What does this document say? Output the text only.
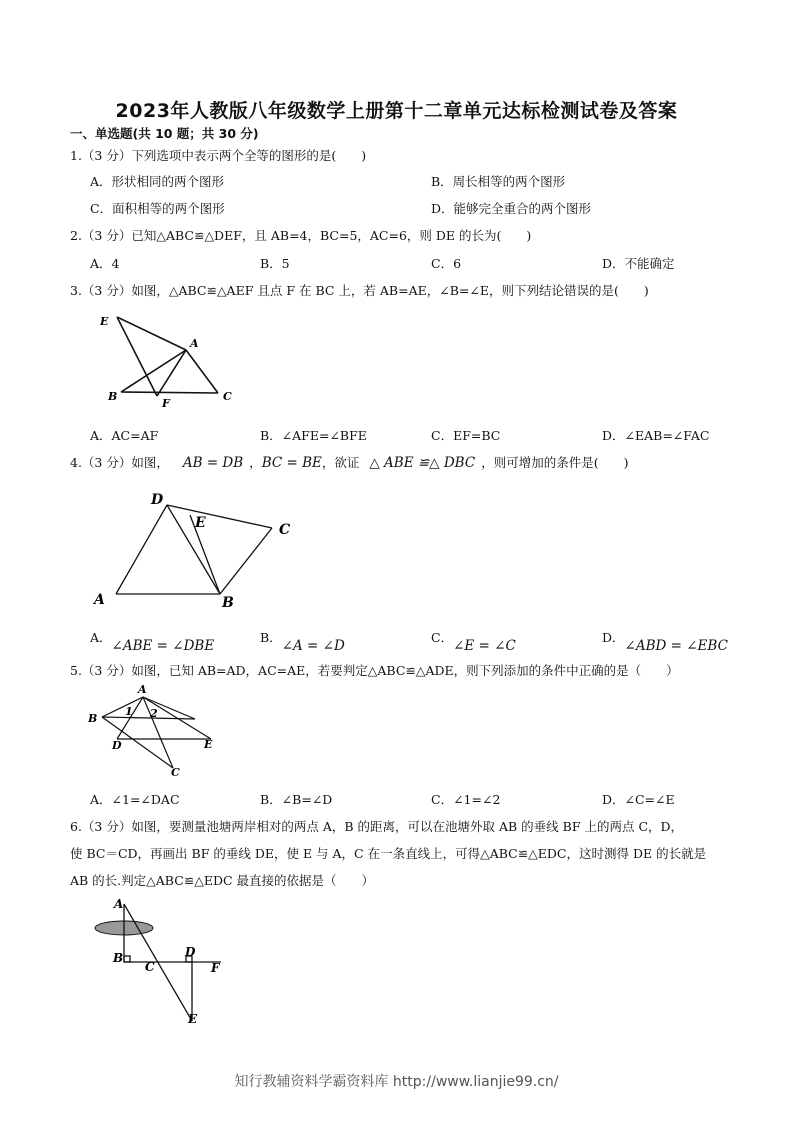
2023年人教版八年级数学上册第十二章单元达标检测试卷及答案
一、单选题(共 10 题；共 30 分)
1.（3 分）下列选项中表示两个全等的图形的是(　　)
A．形状相同的两个图形	B．周长相等的两个图形
C．面积相等的两个图形	D．能够完全重合的两个图形
2.（3 分）已知△ABC≌△DEF，且 AB=4，BC=5，AC=6，则 DE 的长为(　　)
A．4	B．5	C．6	D．不能确定
3.（3 分）如图，△ABC≌△AEF 且点 F 在 BC 上，若 AB=AE，∠B=∠E，则下列结论错误的是(　　)
E
A
B
F
C
A．AC=AF	B．∠AFE=∠BFE	C．EF=BC	D．∠EAB=∠FAC
4.（3 分）如图， AB = DB ，BC = BE，欲证 △ ABE ≌△ DBC ，则可增加的条件是(　　)
D
E	C
A	B
A．∠ABE = ∠DBE
B．∠A = ∠D
C．∠E = ∠C
D．∠ABD = ∠EBC
5.（3 分）如图，已知 AB=AD，AC=AE，若要判定△ABC≌△ADE，则下列添加的条件中正确的是（　　）
A
B
1 2
D	E
C
A．∠1=∠DAC	B．∠B=∠D	C．∠1=∠2	D．∠C=∠E
6.（3 分）如图，要测量池塘两岸相对的两点 A，B 的距离，可以在池塘外取 AB 的垂线 BF 上的两点 C，D，
使 BC＝CD，再画出 BF 的垂线 DE，使 E 与 A，C 在一条直线上，可得△ABC≌△EDC，这时测得 DE 的长就是
AB 的长.判定△ABC≌△EDC 最直接的依据是（　　）
A
B
C
D
F
E
知行教辅资料学霸资料库 http://www.lianjie99.cn/
